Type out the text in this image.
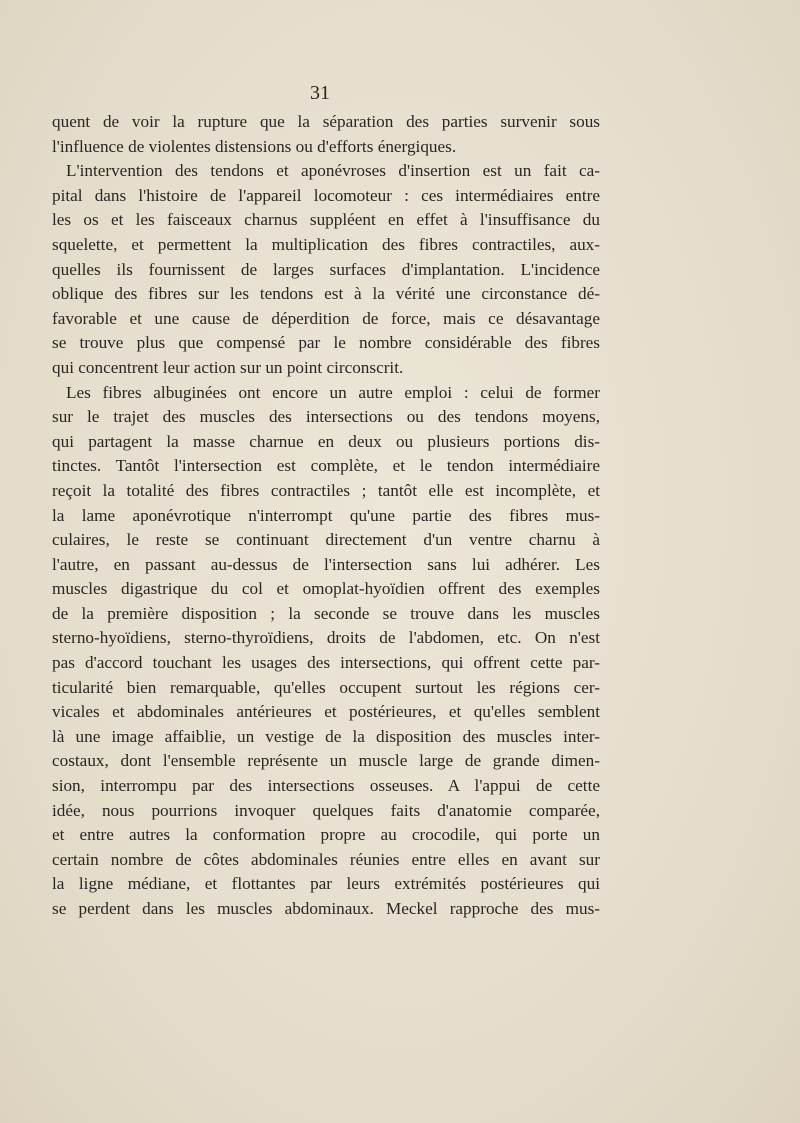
31
quent de voir la rupture que la séparation des parties survenir sous
l'influence de violentes distensions ou d'efforts énergiques.
L'intervention des tendons et aponévroses d'insertion est un fait ca-
pital dans l'histoire de l'appareil locomoteur : ces intermédiaires entre
les os et les faisceaux charnus suppléent en effet à l'insuffisance du
squelette, et permettent la multiplication des fibres contractiles, aux-
quelles ils fournissent de larges surfaces d'implantation. L'incidence
oblique des fibres sur les tendons est à la vérité une circonstance dé-
favorable et une cause de déperdition de force, mais ce désavantage
se trouve plus que compensé par le nombre considérable des fibres
qui concentrent leur action sur un point circonscrit.
Les fibres albuginées ont encore un autre emploi : celui de former
sur le trajet des muscles des intersections ou des tendons moyens,
qui partagent la masse charnue en deux ou plusieurs portions dis-
tinctes. Tantôt l'intersection est complète, et le tendon intermédiaire
reçoit la totalité des fibres contractiles ; tantôt elle est incomplète, et
la lame aponévrotique n'interrompt qu'une partie des fibres mus-
culaires, le reste se continuant directement d'un ventre charnu à
l'autre, en passant au-dessus de l'intersection sans lui adhérer. Les
muscles digastrique du col et omoplat-hyoïdien offrent des exemples
de la première disposition ; la seconde se trouve dans les muscles
sterno-hyoïdiens, sterno-thyroïdiens, droits de l'abdomen, etc. On n'est
pas d'accord touchant les usages des intersections, qui offrent cette par-
ticularité bien remarquable, qu'elles occupent surtout les régions cer-
vicales et abdominales antérieures et postérieures, et qu'elles semblent
là une image affaiblie, un vestige de la disposition des muscles inter-
costaux, dont l'ensemble représente un muscle large de grande dimen-
sion, interrompu par des intersections osseuses. A l'appui de cette
idée, nous pourrions invoquer quelques faits d'anatomie comparée,
et entre autres la conformation propre au crocodile, qui porte un
certain nombre de côtes abdominales réunies entre elles en avant sur
la ligne médiane, et flottantes par leurs extrémités postérieures qui
se perdent dans les muscles abdominaux. Meckel rapproche des mus-
